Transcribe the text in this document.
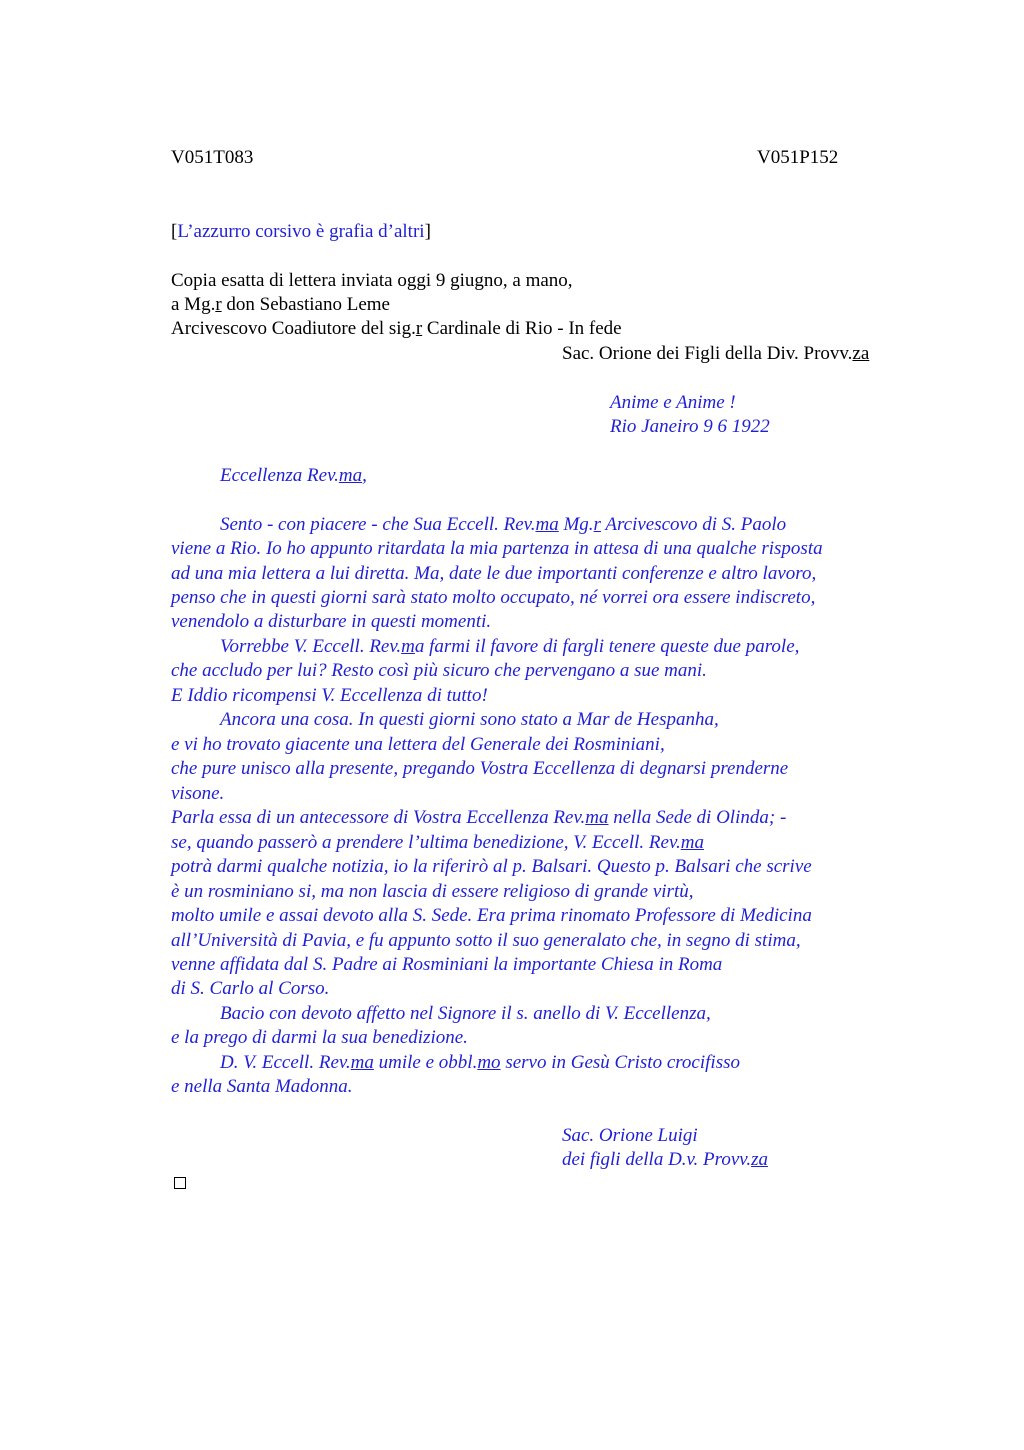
V051T083	V051P152
[L’azzurro corsivo è grafia d’altri]
Copia esatta di lettera inviata oggi 9 giugno, a mano,
a Mg.r don Sebastiano Leme
Arcivescovo Coadiutore del sig.r Cardinale di Rio - In fede
Sac. Orione dei Figli della Div. Provv.za
Anime e Anime !
Rio Janeiro 9 6 1922
Eccellenza Rev.ma,
Sento - con piacere - che Sua Eccell. Rev.ma Mg.r Arcivescovo di S. Paolo
viene a Rio. Io ho appunto ritardata la mia partenza in attesa di una qualche risposta
ad una mia lettera a lui diretta. Ma, date le due importanti conferenze e altro lavoro,
penso che in questi giorni sarà stato molto occupato, né vorrei ora essere indiscreto,
venendolo a disturbare in questi momenti.
Vorrebbe V. Eccell. Rev.ma farmi il favore di fargli tenere queste due parole,
che accludo per lui? Resto così più sicuro che pervengano a sue mani.
E Iddio ricompensi V. Eccellenza di tutto!
Ancora una cosa. In questi giorni sono stato a Mar de Hespanha,
e vi ho trovato giacente una lettera del Generale dei Rosminiani,
che pure unisco alla presente, pregando Vostra Eccellenza di degnarsi prenderne
visone.
Parla essa di un antecessore di Vostra Eccellenza Rev.ma nella Sede di Olinda; -
se, quando passerò a prendere l’ultima benedizione, V. Eccell. Rev.ma
potrà darmi qualche notizia, io la riferirò al p. Balsari. Questo p. Balsari che scrive
è un rosminiano si, ma non lascia di essere religioso di grande virtù,
molto umile e assai devoto alla S. Sede. Era prima rinomato Professore di Medicina
all’Università di Pavia, e fu appunto sotto il suo generalato che, in segno di stima,
venne affidata dal S. Padre ai Rosminiani la importante Chiesa in Roma
di S. Carlo al Corso.
Bacio con devoto affetto nel Signore il s. anello di V. Eccellenza,
e la prego di darmi la sua benedizione.
D. V. Eccell. Rev.ma umile e obbl.mo servo in Gesù Cristo crocifisso
e nella Santa Madonna.
Sac. Orione Luigi
dei figli della D.v. Provv.za
